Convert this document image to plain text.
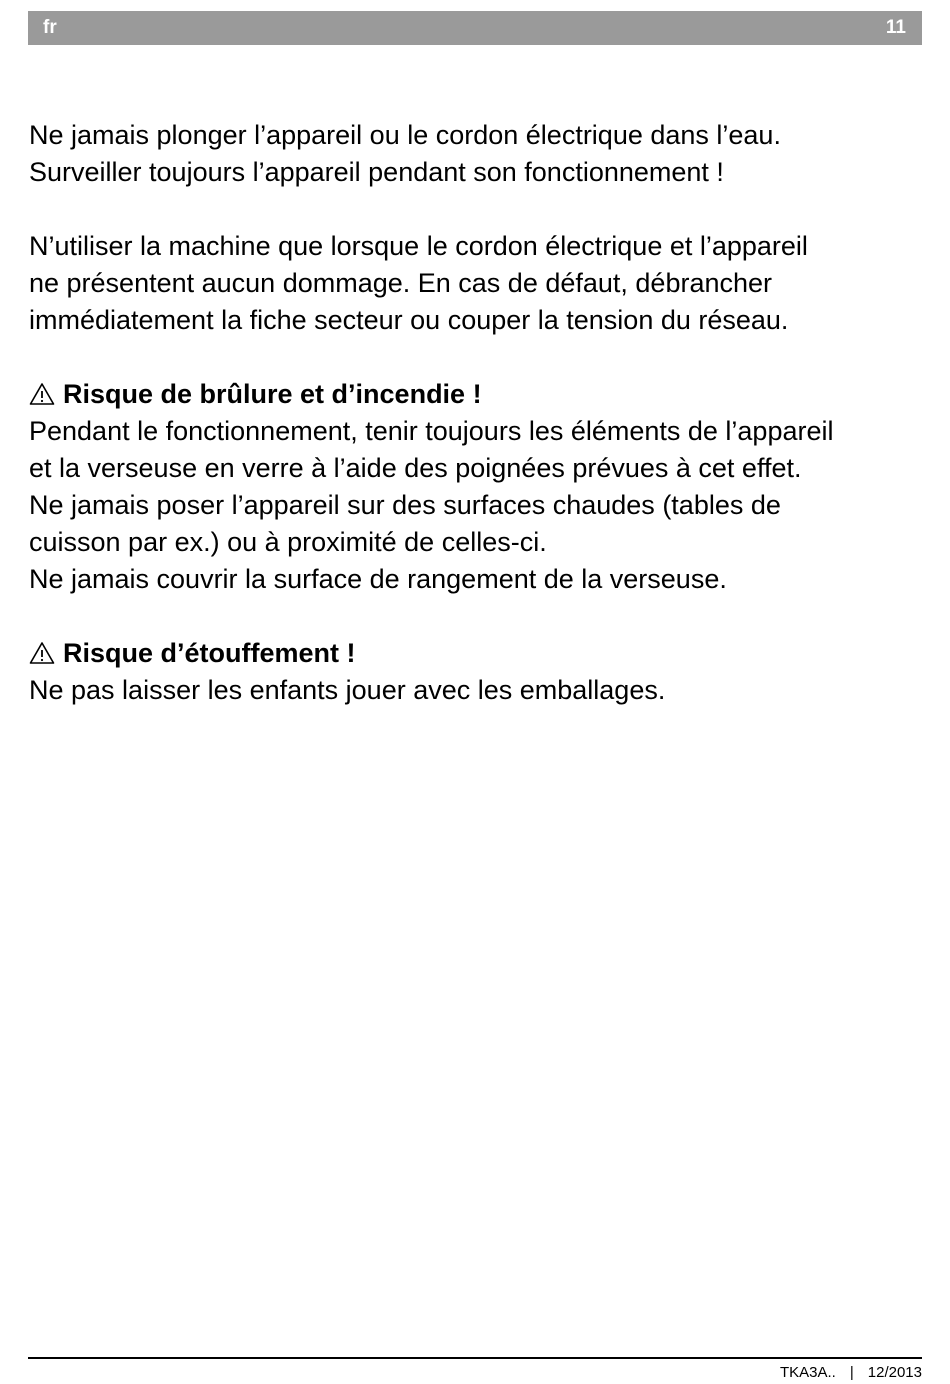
fr	11
Ne jamais plonger l’appareil ou le cordon électrique dans l’eau.
Surveiller toujours l’appareil pendant son fonctionnement !
N’utiliser la machine que lorsque le cordon électrique et l’appareil
ne présentent aucun dommage. En cas de défaut, débrancher
immédiatement la fiche secteur ou couper la tension du réseau.
Risque de brûlure et d’incendie !
Pendant le fonctionnement, tenir toujours les éléments de l’appareil
et la verseuse en verre à l’aide des poignées prévues à cet effet.
Ne jamais poser l’appareil sur des surfaces chaudes (tables de
cuisson par ex.) ou à proximité de celles-ci.
Ne jamais couvrir la surface de rangement de la verseuse.
Risque d’étouffement !
Ne pas laisser les enfants jouer avec les emballages.
TKA3A.. | 12/2013
